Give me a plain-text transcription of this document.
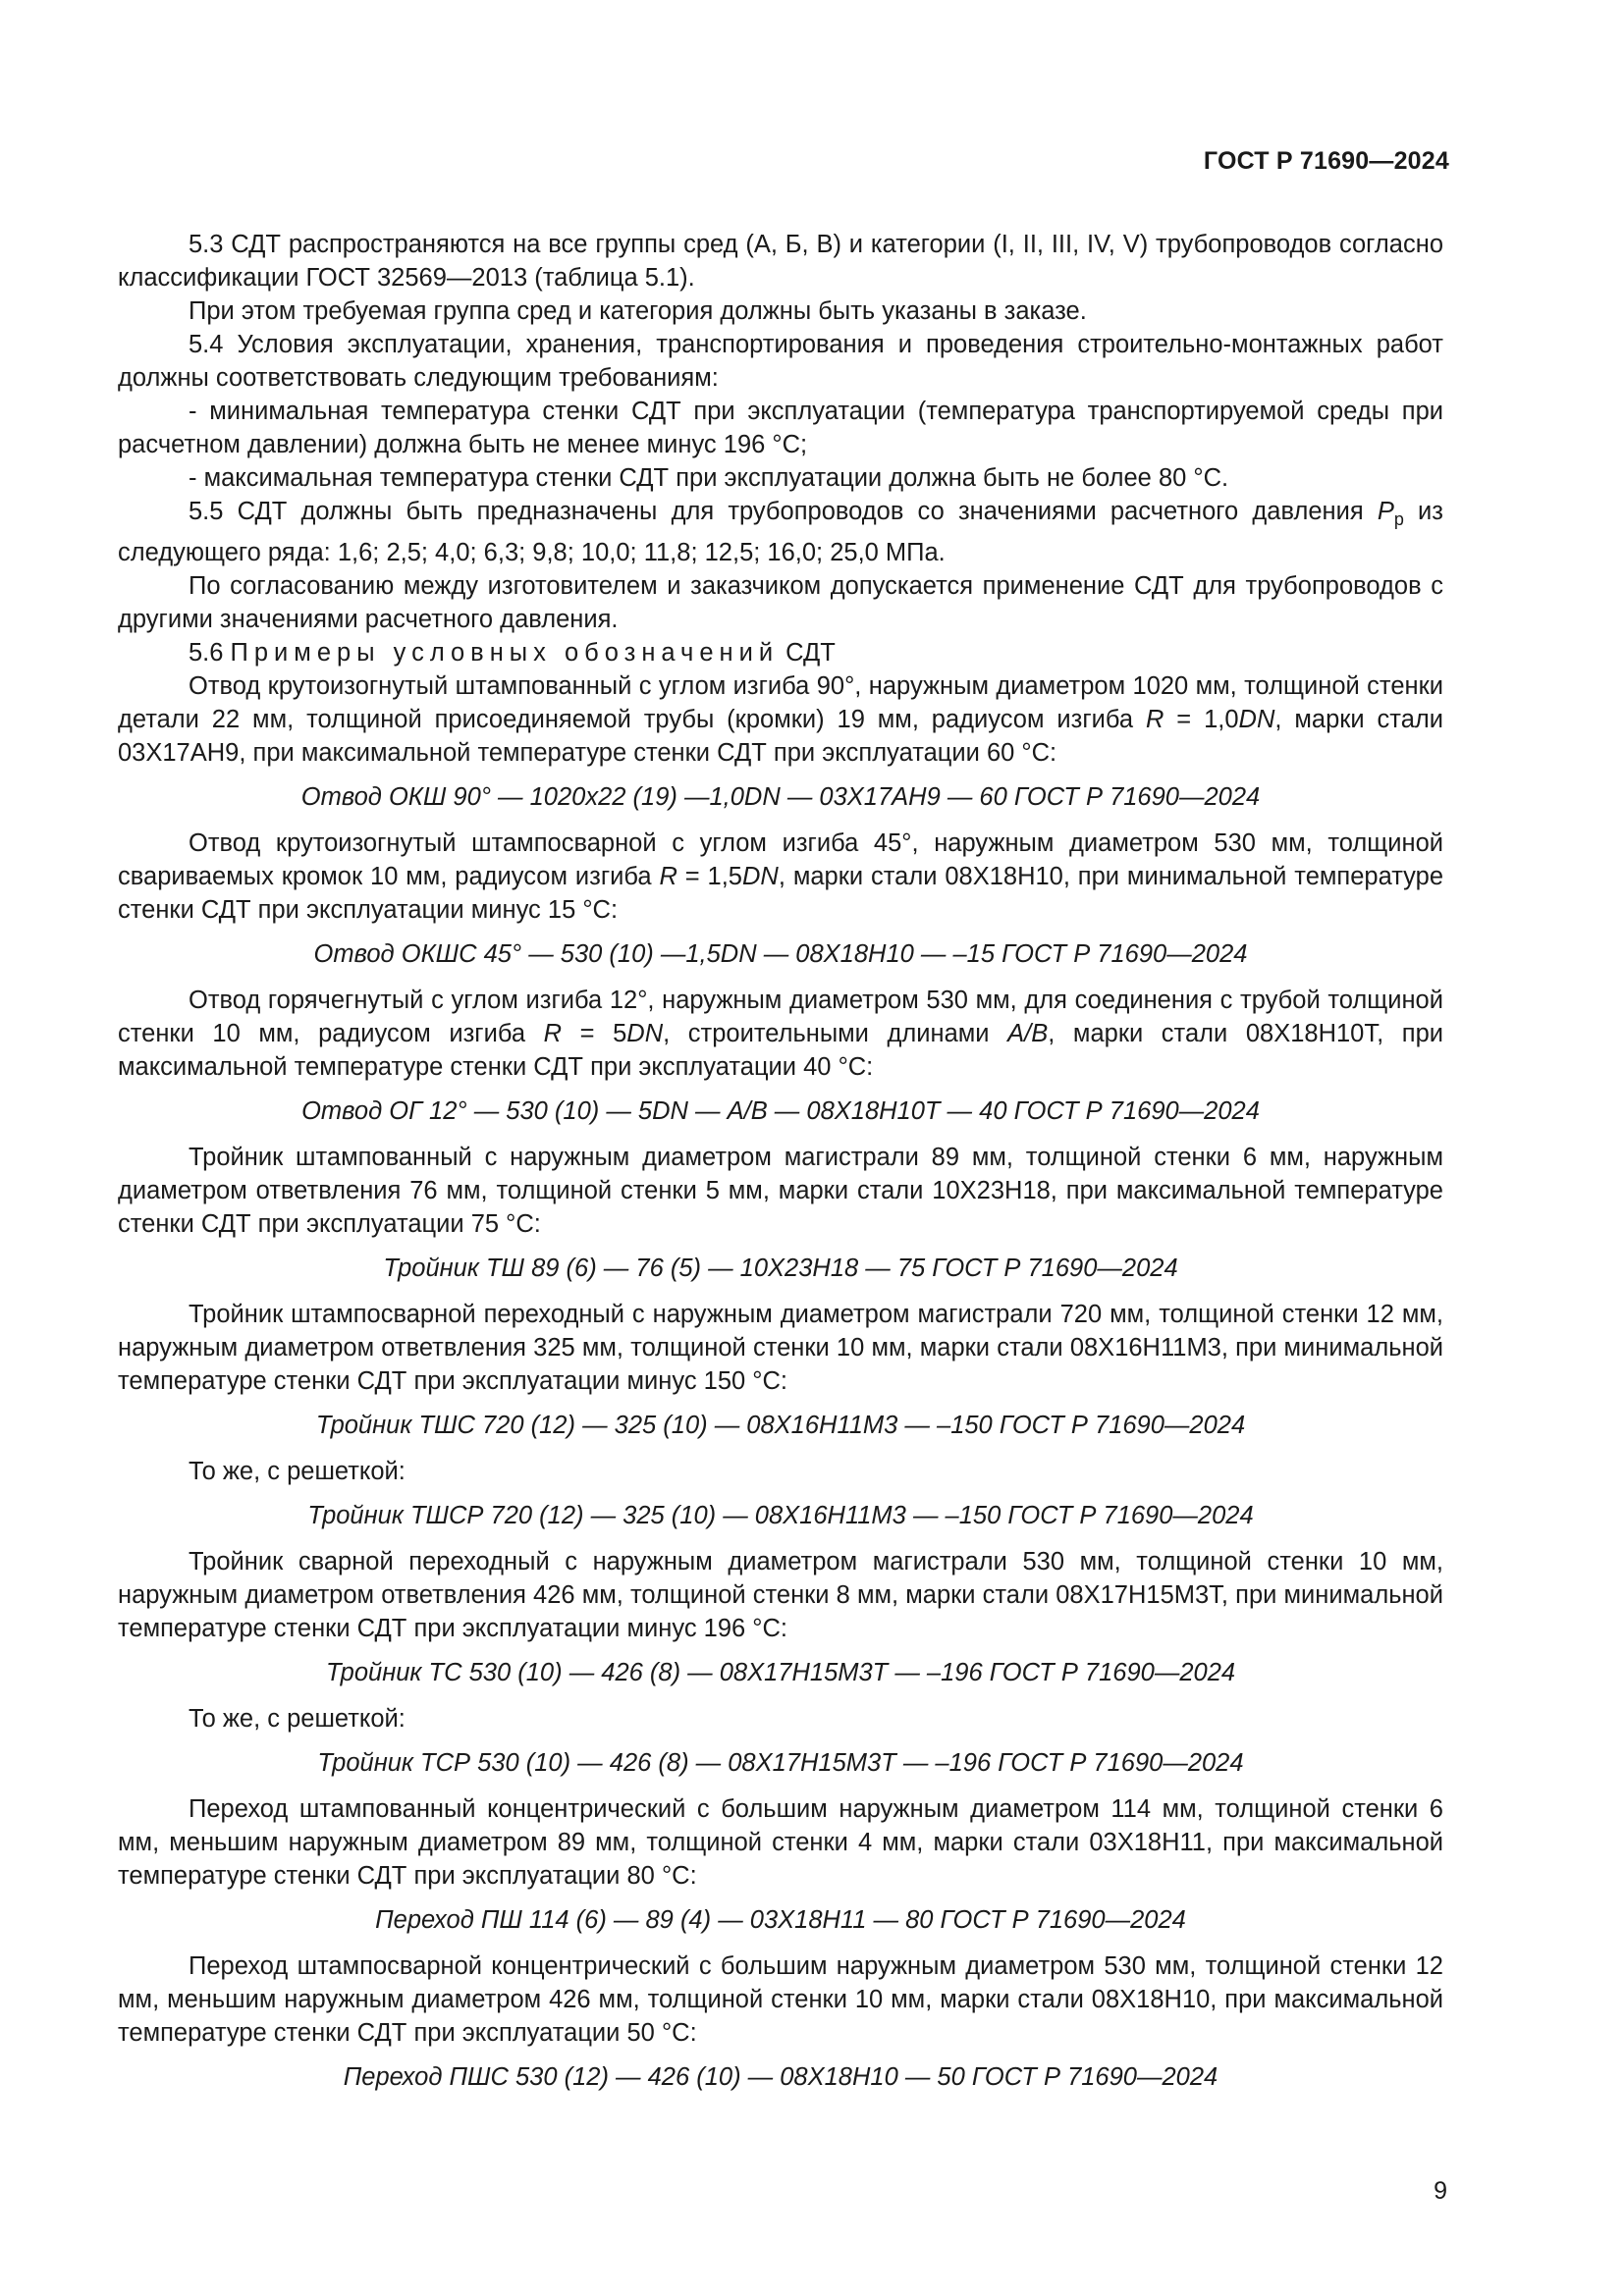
ГОСТ Р 71690—2024

5.3 СДТ распространяются на все группы сред (А, Б, В) и категории (I, II, III, IV, V) трубопроводов согласно классификации ГОСТ 32569—2013 (таблица 5.1).

При этом требуемая группа сред и категория должны быть указаны в заказе.

5.4 Условия эксплуатации, хранения, транспортирования и проведения строительно-монтажных работ должны соответствовать следующим требованиям:

- минимальная температура стенки СДТ при эксплуатации (температура транспортируемой среды при расчетном давлении) должна быть не менее минус 196 °С;

- максимальная температура стенки СДТ при эксплуатации должна быть не более 80 °С.

5.5 СДТ должны быть предназначены для трубопроводов со значениями расчетного давления $P_р$ из следующего ряда: 1,6; 2,5; 4,0; 6,3; 9,8; 10,0; 11,8; 12,5; 16,0; 25,0 МПа.

По согласованию между изготовителем и заказчиком допускается применение СДТ для трубопроводов с другими значениями расчетного давления.

5.6 Примеры условных обозначений СДТ

Отвод крутоизогнутый штампованный с углом изгиба 90°, наружным диаметром 1020 мм, толщиной стенки детали 22 мм, толщиной присоединяемой трубы (кромки) 19 мм, радиусом изгиба R = 1,0DN, марки стали 03Х17АН9, при максимальной температуре стенки СДТ при эксплуатации 60 °С:

Отвод ОКШ 90° — 1020x22 (19) —1,0DN — 03Х17АН9 — 60 ГОСТ Р 71690—2024

Отвод крутоизогнутый штампосварной с углом изгиба 45°, наружным диаметром 530 мм, толщиной свариваемых кромок 10 мм, радиусом изгиба R = 1,5DN, марки стали 08Х18Н10, при минимальной температуре стенки СДТ при эксплуатации минус 15 °С:

Отвод ОКШС 45° — 530 (10) —1,5DN — 08Х18Н10 — –15 ГОСТ Р 71690—2024

Отвод горячегнутый с углом изгиба 12°, наружным диаметром 530 мм, для соединения с трубой толщиной стенки 10 мм, радиусом изгиба R = 5DN, строительными длинами А/В, марки стали 08Х18Н10Т, при максимальной температуре стенки СДТ при эксплуатации 40 °С:

Отвод ОГ 12° — 530 (10) — 5DN — А/В — 08Х18Н10Т — 40 ГОСТ Р 71690—2024

Тройник штампованный с наружным диаметром магистрали 89 мм, толщиной стенки 6 мм, наружным диаметром ответвления 76 мм, толщиной стенки 5 мм, марки стали 10Х23Н18, при максимальной температуре стенки СДТ при эксплуатации 75 °С:

Тройник ТШ 89 (6) — 76 (5) — 10Х23Н18 — 75 ГОСТ Р 71690—2024

Тройник штампосварной переходный с наружным диаметром магистрали 720 мм, толщиной стенки 12 мм, наружным диаметром ответвления 325 мм, толщиной стенки 10 мм, марки стали 08Х16Н11М3, при минимальной температуре стенки СДТ при эксплуатации минус 150 °С:

Тройник ТШС 720 (12) — 325 (10) — 08Х16Н11М3 — –150 ГОСТ Р 71690—2024

То же, с решеткой:

Тройник ТШСР 720 (12) — 325 (10) — 08Х16Н11М3 — –150 ГОСТ Р 71690—2024

Тройник сварной переходный с наружным диаметром магистрали 530 мм, толщиной стенки 10 мм, наружным диаметром ответвления 426 мм, толщиной стенки 8 мм, марки стали 08Х17Н15М3Т, при минимальной температуре стенки СДТ при эксплуатации минус 196 °С:

Тройник ТС 530 (10) — 426 (8) — 08Х17Н15М3Т — –196 ГОСТ Р 71690—2024

То же, с решеткой:

Тройник ТСР 530 (10) — 426 (8) — 08Х17Н15М3Т — –196 ГОСТ Р 71690—2024

Переход штампованный концентрический с большим наружным диаметром 114 мм, толщиной стенки 6 мм, меньшим наружным диаметром 89 мм, толщиной стенки 4 мм, марки стали 03Х18Н11, при максимальной температуре стенки СДТ при эксплуатации 80 °С:

Переход ПШ 114 (6) — 89 (4) — 03Х18Н11 — 80 ГОСТ Р 71690—2024

Переход штампосварной концентрический с большим наружным диаметром 530 мм, толщиной стенки 12 мм, меньшим наружным диаметром 426 мм, толщиной стенки 10 мм, марки стали 08Х18Н10, при максимальной температуре стенки СДТ при эксплуатации 50 °С:

Переход ПШС 530 (12) — 426 (10) — 08Х18Н10 — 50 ГОСТ Р 71690—2024

9
